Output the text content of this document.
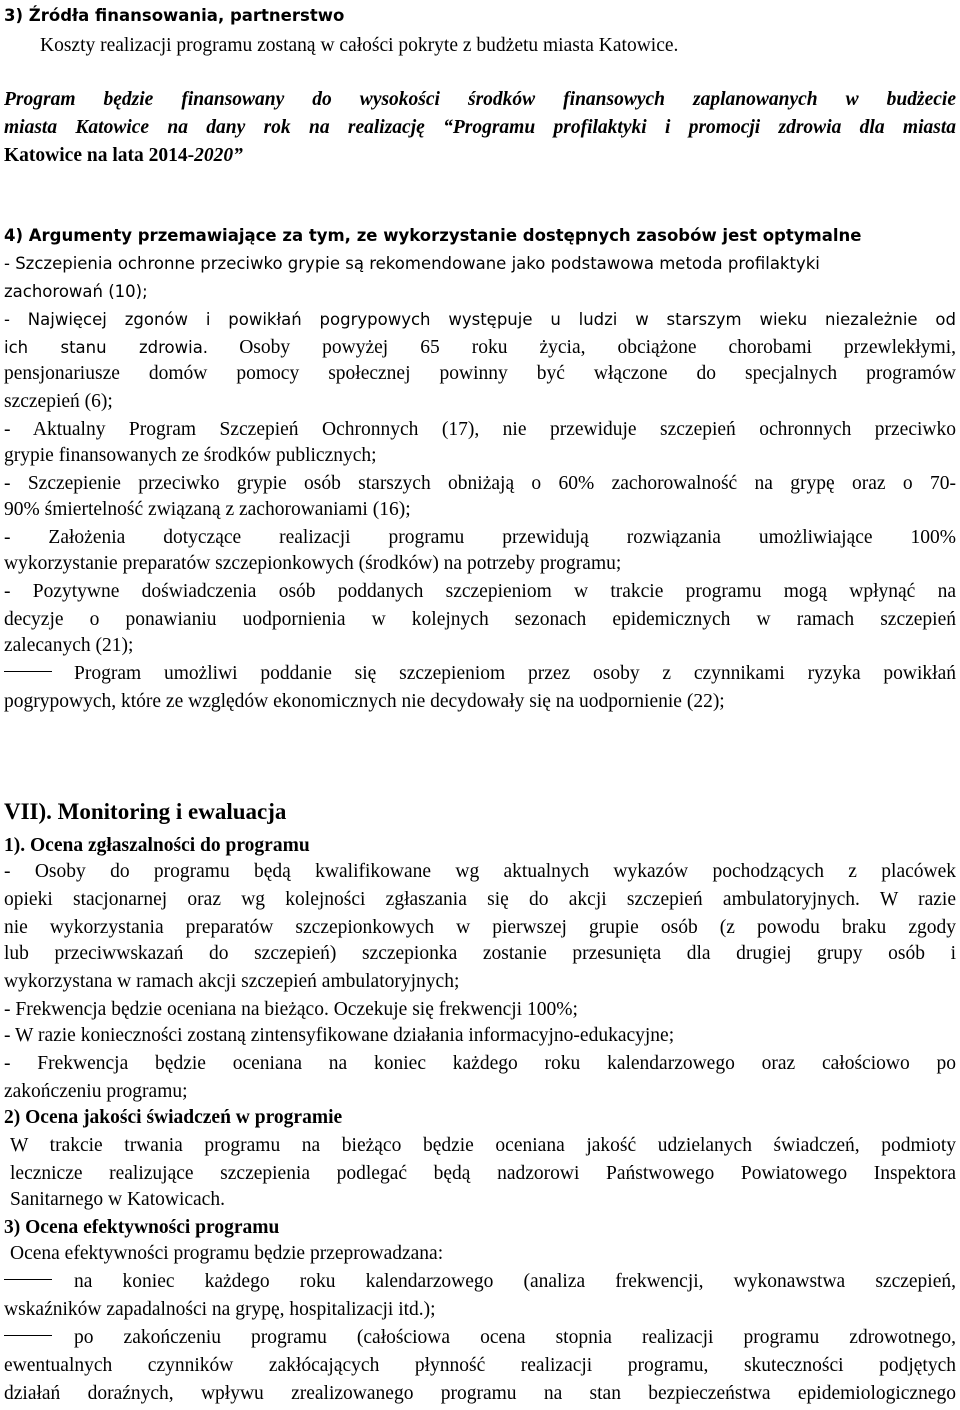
3) Źródła finansowania, partnerstwo
Koszty realizacji programu zostaną w całości pokryte z budżetu miasta Katowice.
Program będzie finansowany do wysokości środków finansowych zaplanowanych w budżecie
miasta Katowice na dany rok na realizację “Programu profilaktyki i promocji zdrowia dla miasta
Katowice na lata 2014-2020”
4) Argumenty przemawiające za tym, ze wykorzystanie dostępnych zasobów jest optymalne
- Szczepienia ochronne przeciwko grypie są rekomendowane jako podstawowa metoda profilaktyki
zachorowań (10);
- Najwięcej zgonów i powikłań pogrypowych występuje u ludzi w starszym wieku niezależnie od
ich stanu zdrowia. Osoby powyżej 65 roku życia, obciążone chorobami przewlekłymi,
pensjonariusze domów pomocy społecznej powinny być włączone do specjalnych programów
szczepień (6);
- Aktualny Program Szczepień Ochronnych (17), nie przewiduje szczepień ochronnych przeciwko
grypie finansowanych ze środków publicznych;
- Szczepienie przeciwko grypie osób starszych obniżają o 60% zachorowalność na grypę oraz o 70-
90% śmiertelność związaną z zachorowaniami (16);
- Założenia dotyczące realizacji programu przewidują rozwiązania umożliwiające 100%
wykorzystanie preparatów szczepionkowych (środków) na potrzeby programu;
- Pozytywne doświadczenia osób poddanych szczepieniom w trakcie programu mogą wpłynąć na
decyzje o ponawianiu uodpornienia w kolejnych sezonach epidemicznych w ramach szczepień
zalecanych (21);
Program umożliwi poddanie się szczepieniom przez osoby z czynnikami ryzyka powikłań
pogrypowych, które ze względów ekonomicznych nie decydowały się na uodpornienie (22);
VII). Monitoring i ewaluacja
1). Ocena zgłaszalności do programu
- Osoby do programu będą kwalifikowane wg aktualnych wykazów pochodzących z placówek
opieki stacjonarnej oraz wg kolejności zgłaszania się do akcji szczepień ambulatoryjnych. W razie
nie wykorzystania preparatów szczepionkowych w pierwszej grupie osób (z powodu braku zgody
lub przeciwwskazań do szczepień) szczepionka zostanie przesunięta dla drugiej grupy osób i
wykorzystana w ramach akcji szczepień ambulatoryjnych;
- Frekwencja będzie oceniana na bieżąco. Oczekuje się frekwencji 100%;
- W razie konieczności zostaną zintensyfikowane działania informacyjno-edukacyjne;
- Frekwencja będzie oceniana na koniec każdego roku kalendarzowego oraz całościowo po
zakończeniu programu;
2) Ocena jakości świadczeń w programie
W trakcie trwania programu na bieżąco będzie oceniana jakość udzielanych świadczeń, podmioty
lecznicze realizujące szczepienia podlegać będą nadzorowi Państwowego Powiatowego Inspektora
Sanitarnego w Katowicach.
3) Ocena efektywności programu
Ocena efektywności programu będzie przeprowadzana:
na koniec każdego roku kalendarzowego (analiza frekwencji, wykonawstwa szczepień,
wskaźników zapadalności na grypę, hospitalizacji itd.);
po zakończeniu programu (całościowa ocena stopnia realizacji programu zdrowotnego,
ewentualnych czynników zakłócających płynność realizacji programu, skuteczności podjętych
działań doraźnych, wpływu zrealizowanego programu na stan bezpieczeństwa epidemiologicznego
